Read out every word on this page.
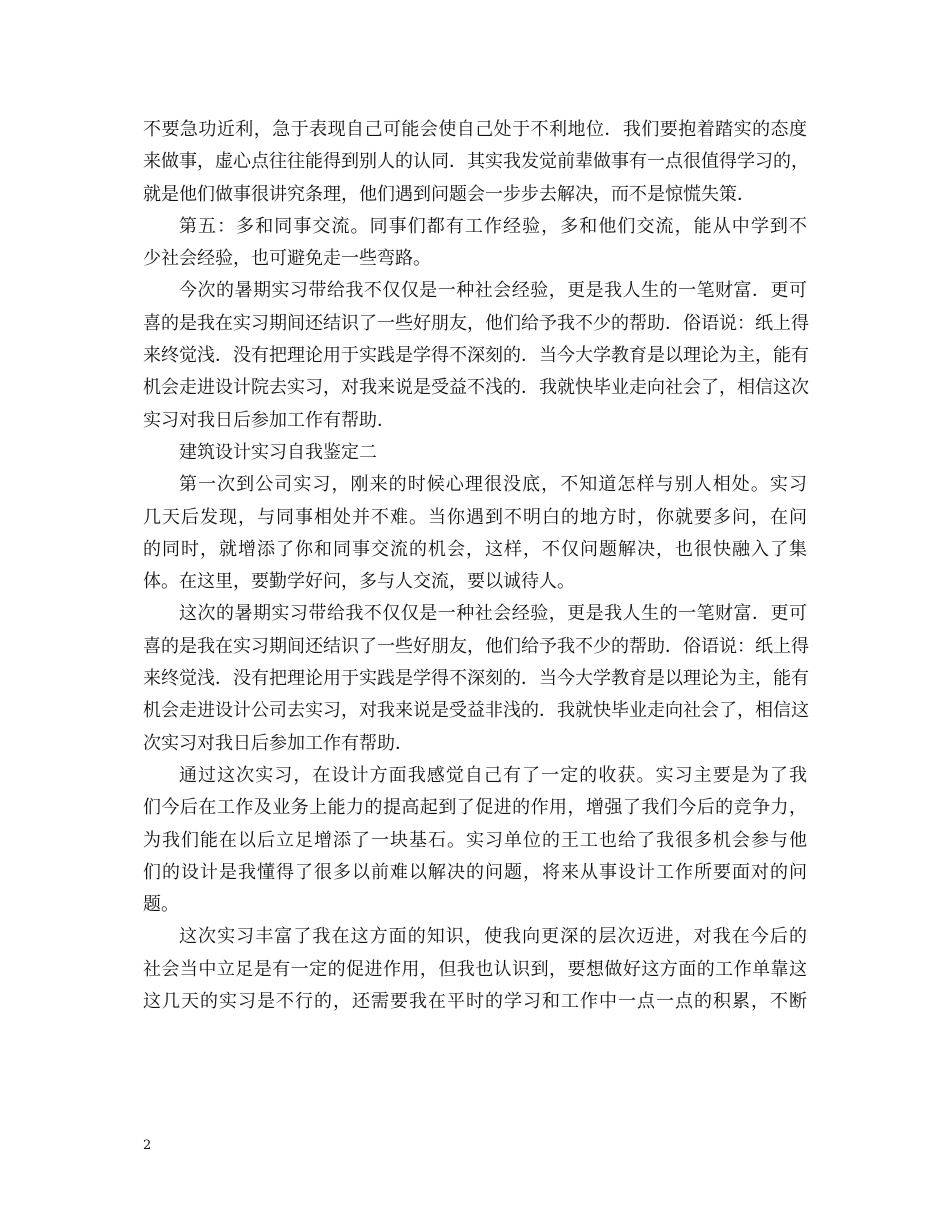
不要急功近利，急于表现自己可能会使自己处于不利地位．我们要抱着踏实的态度
来做事，虚心点往往能得到别人的认同．其实我发觉前辈做事有一点很值得学习的，
就是他们做事很讲究条理，他们遇到问题会一步步去解决，而不是惊慌失策．
第五：多和同事交流。同事们都有工作经验，多和他们交流，能从中学到不
少社会经验，也可避免走一些弯路。
今次的暑期实习带给我不仅仅是一种社会经验，更是我人生的一笔财富．更可
喜的是我在实习期间还结识了一些好朋友，他们给予我不少的帮助．俗语说：纸上得
来终觉浅．没有把理论用于实践是学得不深刻的．当今大学教育是以理论为主，能有
机会走进设计院去实习，对我来说是受益不浅的．我就快毕业走向社会了，相信这次
实习对我日后参加工作有帮助．
建筑设计实习自我鉴定二
第一次到公司实习，刚来的时候心理很没底，不知道怎样与别人相处。实习
几天后发现，与同事相处并不难。当你遇到不明白的地方时，你就要多问，在问
的同时，就增添了你和同事交流的机会，这样，不仅问题解决，也很快融入了集
体。在这里，要勤学好问，多与人交流，要以诚待人。
这次的暑期实习带给我不仅仅是一种社会经验，更是我人生的一笔财富．更可
喜的是我在实习期间还结识了一些好朋友，他们给予我不少的帮助．俗语说：纸上得
来终觉浅．没有把理论用于实践是学得不深刻的．当今大学教育是以理论为主，能有
机会走进设计公司去实习，对我来说是受益非浅的．我就快毕业走向社会了，相信这
次实习对我日后参加工作有帮助．
通过这次实习，在设计方面我感觉自己有了一定的收获。实习主要是为了我
们今后在工作及业务上能力的提高起到了促进的作用，增强了我们今后的竞争力，
为我们能在以后立足增添了一块基石。实习单位的王工也给了我很多机会参与他
们的设计是我懂得了很多以前难以解决的问题，将来从事设计工作所要面对的问
题。
这次实习丰富了我在这方面的知识，使我向更深的层次迈进，对我在今后的
社会当中立足是有一定的促进作用，但我也认识到，要想做好这方面的工作单靠这
这几天的实习是不行的，还需要我在平时的学习和工作中一点一点的积累，不断
2
